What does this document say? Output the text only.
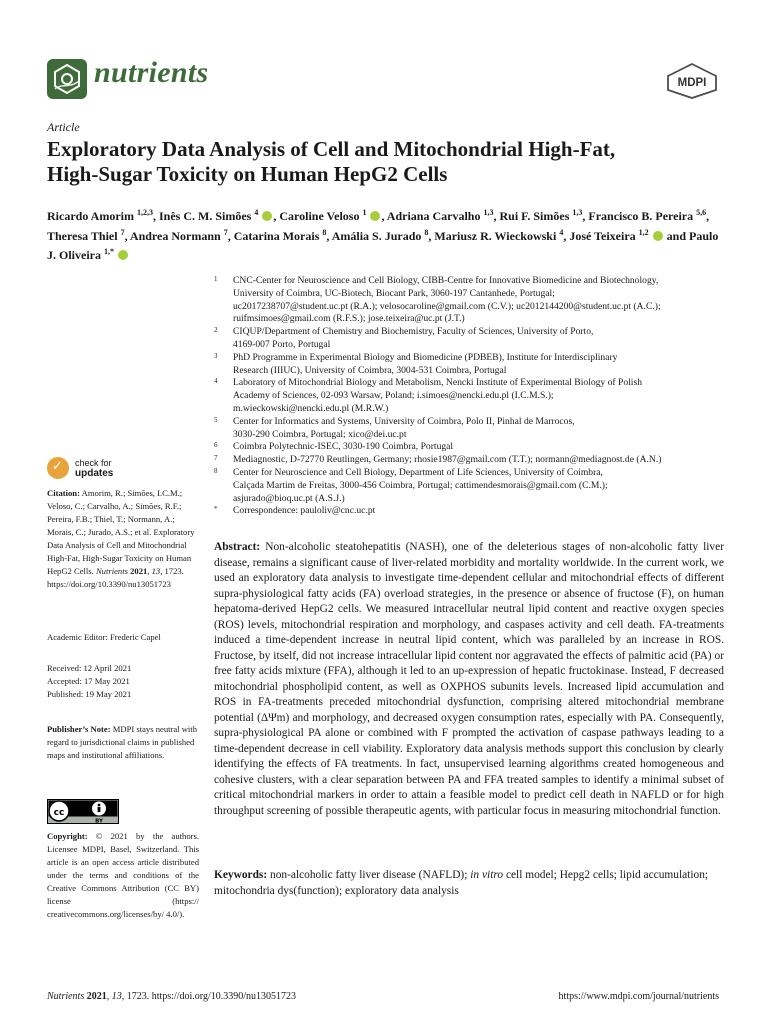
nutrients	MDPI
Article
Exploratory Data Analysis of Cell and Mitochondrial High-Fat,
High-Sugar Toxicity on Human HepG2 Cells
Ricardo Amorim $^{1,2,3}$, Inês C. M. Simões $^4$ , Caroline Veloso $^1$ , Adriana Carvalho $^{1,3}$, Rui F. Simões $^{1,3}$, Francisco B. Pereira $^{5,6}$, Theresa Thiel $^7$, Andrea Normann $^7$, Catarina Morais $^8$, Amália S. Jurado $^8$, Mariusz R. Wieckowski $^4$, José Teixeira $^{1,2}$ and Paulo J. Oliveira $^{1,*}$
1 CNC-Center for Neuroscience and Cell Biology, CIBB-Centre for Innovative Biomedicine and Biotechnology,
University of Coimbra, UC-Biotech, Biocant Park, 3060-197 Cantanhede, Portugal;
uc2017238707@student.uc.pt (R.A.); velosocaroline@gmail.com (C.V.); uc2012144200@student.uc.pt (A.C.);
ruifmsimoes@gmail.com (R.F.S.); jose.teixeira@uc.pt (J.T.)
2 CIQUP/Department of Chemistry and Biochemistry, Faculty of Sciences, University of Porto,
4169-007 Porto, Portugal
3 PhD Programme in Experimental Biology and Biomedicine (PDBEB), Institute for Interdisciplinary
Research (IIIUC), University of Coimbra, 3004-531 Coimbra, Portugal
4 Laboratory of Mitochondrial Biology and Metabolism, Nencki Institute of Experimental Biology of Polish
Academy of Sciences, 02-093 Warsaw, Poland; i.simoes@nencki.edu.pl (I.C.M.S.);
m.wieckowski@nencki.edu.pl (M.R.W.)
5 Center for Informatics and Systems, University of Coimbra, Polo II, Pinhal de Marrocos,
3030-290 Coimbra, Portugal; xico@dei.uc.pt
6 Coimbra Polytechnic-ISEC, 3030-190 Coimbra, Portugal
7 Mediagnostic, D-72770 Reutlingen, Germany; rhosie1987@gmail.com (T.T.); normann@mediagnost.de (A.N.)
8 Center for Neuroscience and Cell Biology, Department of Life Sciences, University of Coimbra,
Calçada Martim de Freitas, 3000-456 Coimbra, Portugal; cattimendesmorais@gmail.com (C.M.);
asjurado@bioq.uc.pt (A.S.J.)
* Correspondence: pauloliv@cnc.uc.pt
✓ check for
updates
Citation: Amorim, R.; Simões, I.C.M.; Veloso, C.; Carvalho, A.; Simões, R.F.; Pereira, F.B.; Thiel, T.; Normann, A.; Morais, C.; Jurado, A.S.; et al. Exploratory Data Analysis of Cell and Mitochondrial High-Fat, High-Sugar Toxicity on Human HepG2 Cells. Nutrients 2021, 13, 1723. https://doi.org/10.3390/nu13051723
Academic Editor: Frederic Capel
Received: 12 April 2021
Accepted: 17 May 2021
Published: 19 May 2021
Publisher’s Note: MDPI stays neutral with regard to jurisdictional claims in published maps and institutional affiliations.
cc
BY
Copyright: © 2021 by the authors. Licensee MDPI, Basel, Switzerland. This article is an open access article distributed under the terms and conditions of the Creative Commons Attribution (CC BY) license (https:// creativecommons.org/licenses/by/ 4.0/).
Abstract: Non-alcoholic steatohepatitis (NASH), one of the deleterious stages of non-alcoholic fatty liver disease, remains a significant cause of liver-related morbidity and mortality worldwide. In the current work, we used an exploratory data analysis to investigate time-dependent cellular and mitochondrial effects of different supra-physiological fatty acids (FA) overload strategies, in the presence or absence of fructose (F), on human hepatoma-derived HepG2 cells. We measured intracellular neutral lipid content and reactive oxygen species (ROS) levels, mitochondrial respiration and morphology, and caspases activity and cell death. FA-treatments induced a time-dependent increase in neutral lipid content, which was paralleled by an increase in ROS. Fructose, by itself, did not increase intracellular lipid content nor aggravated the effects of palmitic acid (PA) or free fatty acids mixture (FFA), although it led to an up-expression of hepatic fructokinase. Instead, F decreased mitochondrial phospholipid content, as well as OXPHOS subunits levels. Increased lipid accumulation and ROS in FA-treatments preceded mitochondrial dysfunction, comprising altered mitochondrial membrane potential (ΔΨm) and morphology, and decreased oxygen consumption rates, especially with PA. Consequently, supra-physiological PA alone or combined with F prompted the activation of caspase pathways leading to a time-dependent decrease in cell viability. Exploratory data analysis methods support this conclusion by clearly identifying the effects of FA treatments. In fact, unsupervised learning algorithms created homogeneous and cohesive clusters, with a clear separation between PA and FFA treated samples to identify a minimal subset of critical mitochondrial markers in order to attain a feasible model to predict cell death in NAFLD or for high throughput screening of possible therapeutic agents, with particular focus in measuring mitochondrial function.
Keywords: non-alcoholic fatty liver disease (NAFLD); in vitro cell model; Hepg2 cells; lipid accumulation; mitochondria dys(function); exploratory data analysis
Nutrients 2021, 13, 1723. https://doi.org/10.3390/nu13051723	https://www.mdpi.com/journal/nutrients
